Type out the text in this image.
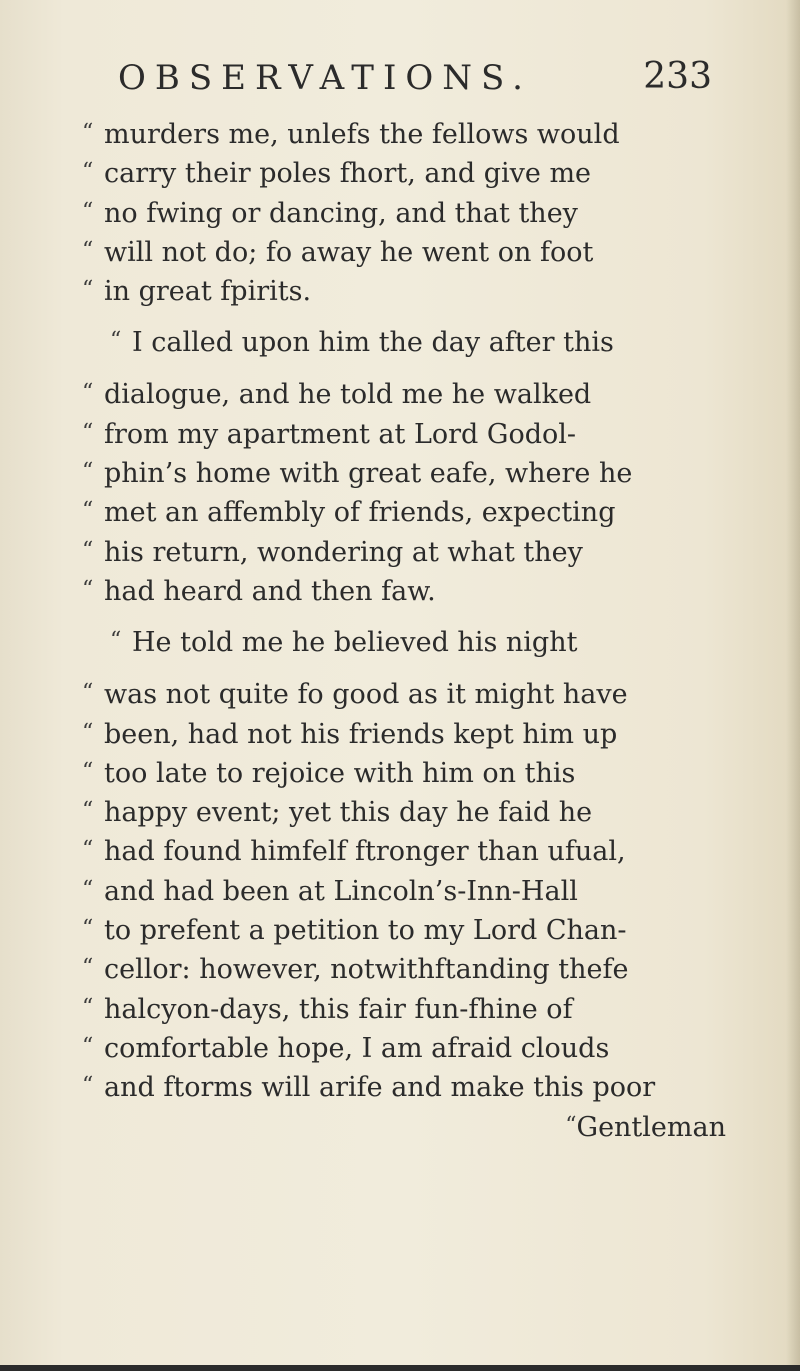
OBSERVATIONS.	233
“ murders me, unlefs the fellows would
“ carry their poles fhort, and give me
“ no fwing or dancing, and that they
“ will not do; fo away he went on foot
“ in great fpirits.
“ I called upon him the day after this
“ dialogue, and he told me he walked
“ from my apartment at Lord Godol-
“ phin’s home with great eafe, where he
“ met an affembly of friends, expecting
“ his return, wondering at what they
“ had heard and then faw.
“ He told me he believed his night
“ was not quite fo good as it might have
“ been, had not his friends kept him up
“ too late to rejoice with him on this
“ happy event; yet this day he faid he
“ had found himfelf ftronger than ufual,
“ and had been at Lincoln’s-Inn-Hall
“ to prefent a petition to my Lord Chan-
“ cellor: however, notwithftanding thefe
“ halcyon-days, this fair fun-fhine of
“ comfortable hope, I am afraid clouds
“ and ftorms will arife and make this poor
“Gentleman
